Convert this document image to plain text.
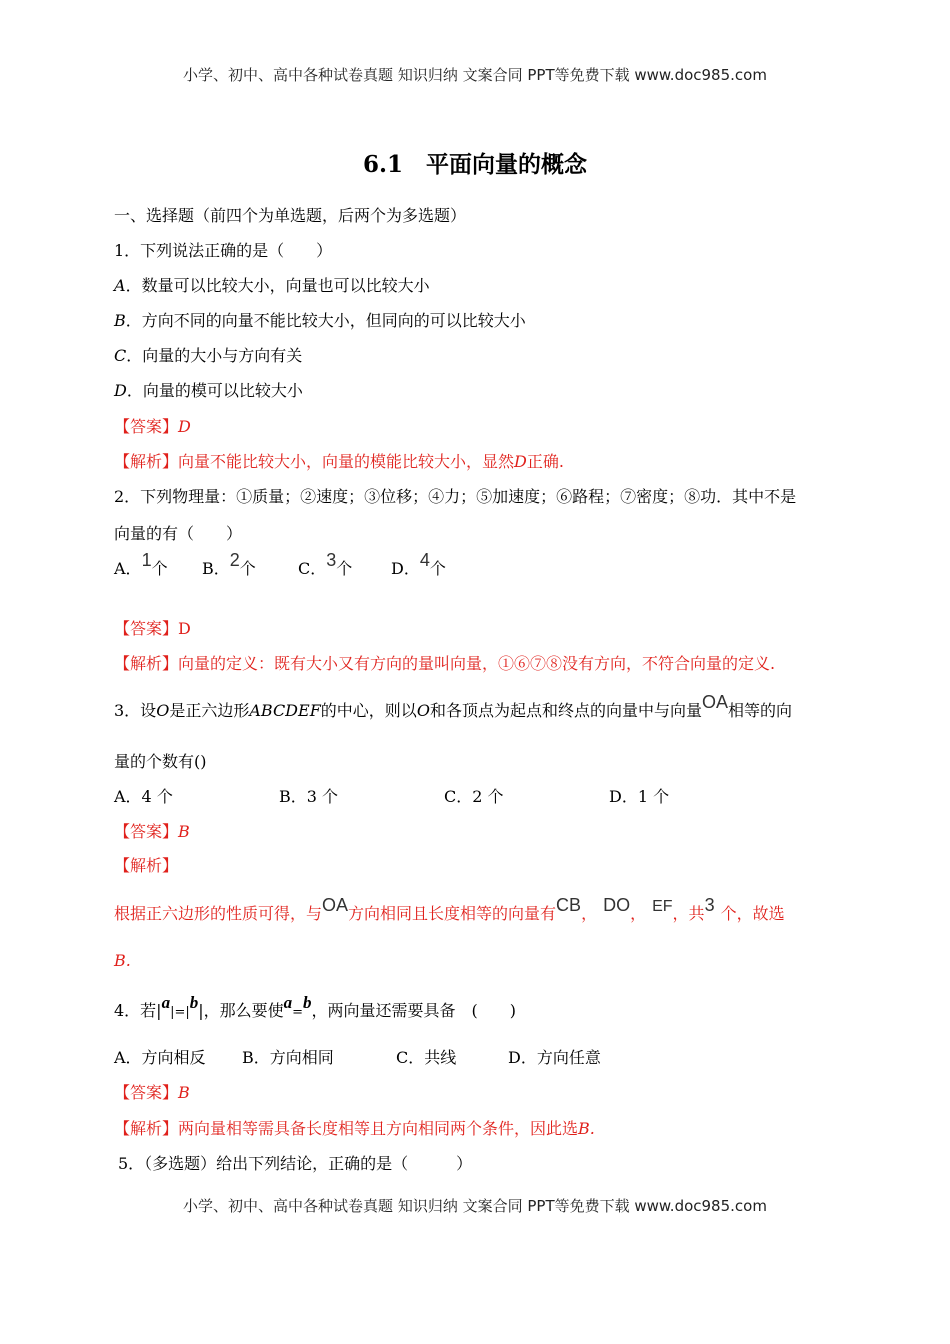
小学、初中、高中各种试卷真题 知识归纳 文案合同 PPT等免费下载 www.doc985.com
6.1　平面向量的概念
一、选择题（前四个为单选题，后两个为多选题）
1．下列说法正确的是（　　）
A．数量可以比较大小，向量也可以比较大小
B．方向不同的向量不能比较大小，但同向的可以比较大小
C．向量的大小与方向有关
D．向量的模可以比较大小
【答案】D
【解析】向量不能比较大小，向量的模能比较大小，显然D正确.
2．下列物理量：①质量；②速度；③位移；④力；⑤加速度；⑥路程；⑦密度；⑧功．其中不是
向量的有（　　）
A．1个 B．2个	C．3个 D．4个
【答案】D
【解析】向量的定义：既有大小又有方向的量叫向量，①⑥⑦⑧没有方向，不符合向量的定义.
3．设O是正六边形ABCDEF的中心，则以O和各顶点为起点和终点的向量中与向量OA相等的向
量的个数有()
A．4 个	B．3 个	C．2 个	D．1 个
【答案】B
【解析】
根据正六边形的性质可得，与OA方向相同且长度相等的向量有CB， DO， EF，共3 个，故选
B.
4．若|a|=|b|，那么要使a=b，两向量还需要具备　(　　)
A．方向相反 B．方向相同	C．共线	D．方向任意
【答案】B
【解析】两向量相等需具备长度相等且方向相同两个条件，因此选B.
5．（多选题）给出下列结论，正确的是（　　　）
小学、初中、高中各种试卷真题 知识归纳 文案合同 PPT等免费下载 www.doc985.com
